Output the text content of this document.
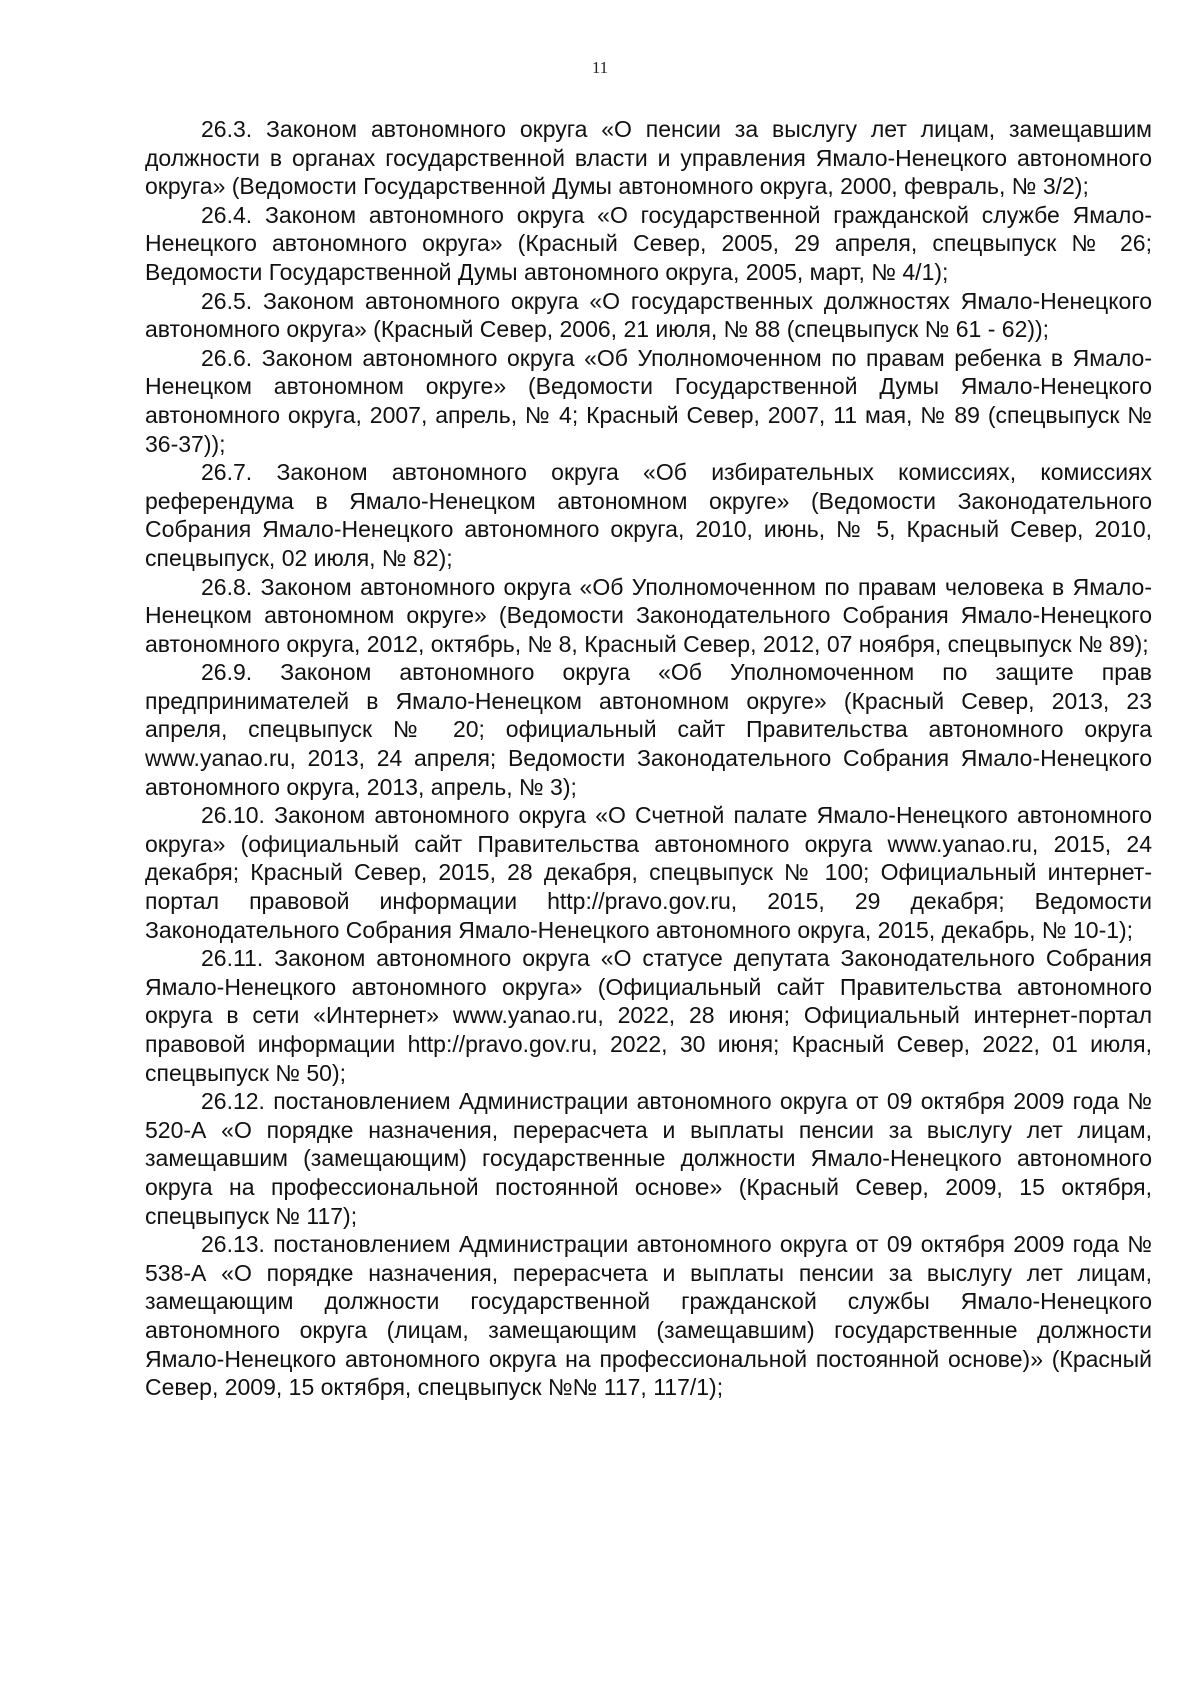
11

26.3. Законом автономного округа «О пенсии за выслугу лет лицам, замещавшим должности в органах государственной власти и управления Ямало-Ненецкого автономного округа» (Ведомости Государственной Думы автономного округа, 2000, февраль, № 3/2);

26.4. Законом автономного округа «О государственной гражданской службе Ямало-Ненецкого автономного округа» (Красный Север, 2005, 29 апреля, спецвыпуск № 26; Ведомости Государственной Думы автономного округа, 2005, март, № 4/1);

26.5. Законом автономного округа «О государственных должностях Ямало-Ненецкого автономного округа» (Красный Север, 2006, 21 июля, № 88 (спецвыпуск № 61 - 62));

26.6. Законом автономного округа «Об Уполномоченном по правам ребенка в Ямало-Ненецком автономном округе» (Ведомости Государственной Думы Ямало-Ненецкого автономного округа, 2007, апрель, № 4; Красный Север, 2007, 11 мая, № 89 (спецвыпуск № 36-37));

26.7. Законом автономного округа «Об избирательных комиссиях, комиссиях референдума в Ямало-Ненецком автономном округе» (Ведомости Законодательного Собрания Ямало-Ненецкого автономного округа, 2010, июнь, № 5, Красный Север, 2010, спецвыпуск, 02 июля, № 82);

26.8. Законом автономного округа «Об Уполномоченном по правам человека в Ямало-Ненецком автономном округе» (Ведомости Законодательного Собрания Ямало-Ненецкого автономного округа, 2012, октябрь, № 8, Красный Север, 2012, 07 ноября, спецвыпуск № 89);

26.9. Законом автономного округа «Об Уполномоченном по защите прав предпринимателей в Ямало-Ненецком автономном округе» (Красный Север, 2013, 23 апреля, спецвыпуск № 20; официальный сайт Правительства автономного округа www.yanao.ru, 2013, 24 апреля; Ведомости Законодательного Собрания Ямало-Ненецкого автономного округа, 2013, апрель, № 3);

26.10. Законом автономного округа «О Счетной палате Ямало-Ненецкого автономного округа» (официальный сайт Правительства автономного округа www.yanao.ru, 2015, 24 декабря; Красный Север, 2015, 28 декабря, спецвыпуск № 100; Официальный интернет-портал правовой информации http://pravo.gov.ru, 2015, 29 декабря; Ведомости Законодательного Собрания Ямало-Ненецкого автономного округа, 2015, декабрь, № 10-1);

26.11. Законом автономного округа «О статусе депутата Законодательного Собрания Ямало-Ненецкого автономного округа» (Официальный сайт Правительства автономного округа в сети «Интернет» www.yanao.ru, 2022, 28 июня; Официальный интернет-портал правовой информации http://pravo.gov.ru, 2022, 30 июня; Красный Север, 2022, 01 июля, спецвыпуск № 50);

26.12. постановлением Администрации автономного округа от 09 октября 2009 года № 520-А «О порядке назначения, перерасчета и выплаты пенсии за выслугу лет лицам, замещавшим (замещающим) государственные должности Ямало-Ненецкого автономного округа на профессиональной постоянной основе» (Красный Север, 2009, 15 октября, спецвыпуск № 117);

26.13. постановлением Администрации автономного округа от 09 октября 2009 года № 538-А «О порядке назначения, перерасчета и выплаты пенсии за выслугу лет лицам, замещающим должности государственной гражданской службы Ямало-Ненецкого автономного округа (лицам, замещающим (замещавшим) государственные должности Ямало-Ненецкого автономного округа на профессиональной постоянной основе)» (Красный Север, 2009, 15 октября, спецвыпуск №№ 117, 117/1);
